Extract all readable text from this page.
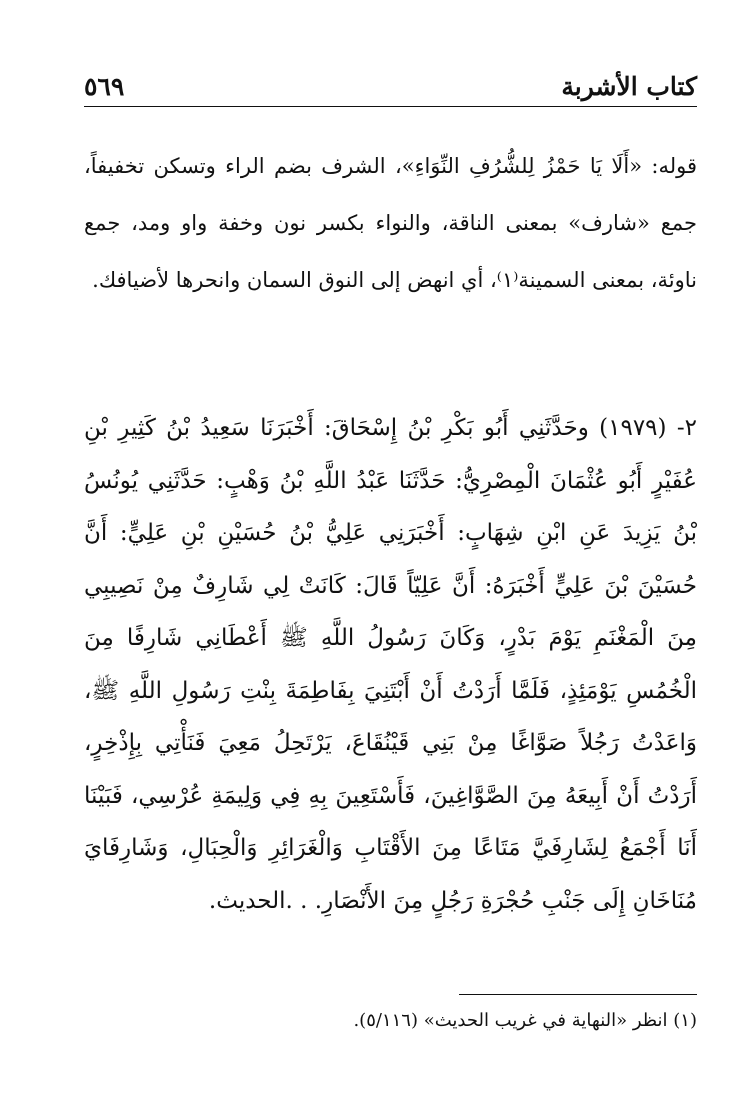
كتاب الأشربة
٥٦٩

قوله: «أَلَا يَا حَمْزُ لِلشُّرُفِ النِّوَاءِ»، الشرف بضم الراء وتسكن تخفيفاً، جمع «شارف» بمعنى الناقة، والنواء بكسر نون وخفة واو ومد، جمع ناوئة، بمعنى السمينة⁽١⁾، أي انهض إلى النوق السمان وانحرها لأضيافك.

٢- (١٩٧٩) وحَدَّثَنِي أَبُو بَكْرِ بْنُ إِسْحَاقَ: أَخْبَرَنَا سَعِيدُ بْنُ كَثِيرِ بْنِ عُفَيْرٍ أَبُو عُثْمَانَ الْمِصْرِيُّ: حَدَّثَنَا عَبْدُ اللَّهِ بْنُ وَهْبٍ: حَدَّثَنِي يُونُسُ بْنُ يَزِيدَ عَنِ ابْنِ شِهَابٍ: أَخْبَرَنِي عَلِيُّ بْنُ حُسَيْنِ بْنِ عَلِيٍّ: أَنَّ حُسَيْنَ بْنَ عَلِيٍّ أَخْبَرَهُ: أَنَّ عَلِيّاً قَالَ: كَانَتْ لِي شَارِفٌ مِنْ نَصِيبِي مِنَ الْمَغْنَمِ يَوْمَ بَدْرٍ، وَكَانَ رَسُولُ اللَّهِ ﷺ أَعْطَانِي شَارِفًا مِنَ الْخُمُسِ يَوْمَئِذٍ، فَلَمَّا أَرَدْتُ أَنْ أَبْتَنِيَ بِفَاطِمَةَ بِنْتِ رَسُولِ اللَّهِ ﷺ، وَاعَدْتُ رَجُلاً صَوَّاغًا مِنْ بَنِي قَيْنُقَاعَ، يَرْتَحِلُ مَعِيَ فَنَأْتِي بِإِذْخِرٍ، أَرَدْتُ أَنْ أَبِيعَهُ مِنَ الصَّوَّاغِينَ، فَأَسْتَعِينَ بِهِ فِي وَلِيمَةِ عُرْسِي، فَبَيْنَا أَنَا أَجْمَعُ لِشَارِفَيَّ مَتَاعًا مِنَ الأَقْتَابِ وَالْغَرَائِرِ وَالْحِبَالِ، وَشَارِفَايَ مُنَاخَانِ إِلَى جَنْبِ حُجْرَةِ رَجُلٍ مِنَ الأَنْصَارِ. . .الحديث.

(١) انظر «النهاية في غريب الحديث» (٥/١١٦).
